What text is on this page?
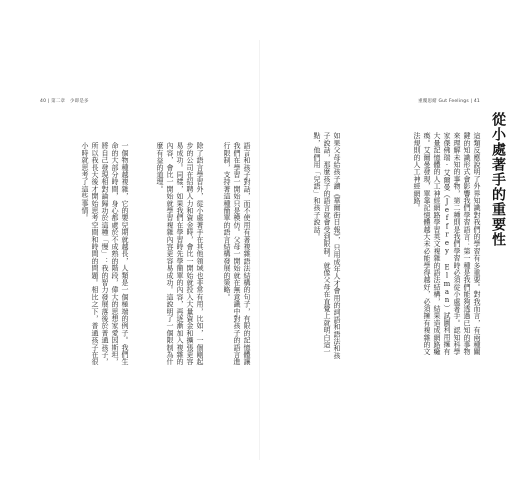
40 | 第二章　少即是多
語言和孩子對話，而不使用有著複雜語法結構的句子，有限的記憶體讓我們在學習一開始只是模仿。父母一開始就在無意識中對孩子的語言進行限制，支持著這種簡單的語言結構發展的策略。
除了語言學習外，從小處著手在其他領域也非常有用，比如，一個剛起步的公司在招聘人力和資金時，會比一開始就投入大量資金和擴張更容易成功。同樣，如果我們在學習時先學簡單的內容，再逐漸加入複雜的內容，會比一開始就學習複雜內容更容易成功。這說明了一個限制為什麼有益的道理。
一個物種越複雜，它的嬰兒期就越長，人類是一個極端的例子。我們生命的大部分時間，身心都處於不成熟的階段，偉大的思想家愛因斯坦，將自己發現相對論歸功於這種「慢」：我的智力發展落後於普通孩子，所以我長大後才開始思考空間和時間的問題。相比之下，普通孩子在很小時就思考了這些事情。
重覆思緒 Gut Feelings | 41
從小處著手的重要性
這類反應說明了外界知識對我們的學習有多重要。對我而言，有兩種關鍵的知識形式會影響我們學習語言：第一種是我們能夠透過已知的事物來理解未知的事物，第二種則是我們學習時必須從小處著手。認知科學家傑佛瑞·艾爾曼（Jeffrey Elman）試圖利用擁有大量記憶體的人工神經網路學習英文複雜的語法結構，結果造成網路癱瘓。艾爾曼發現，單靠記憶體越大未必能學得越好，必須擁有複雜的文法規則的人工神經網路。
如果父母給孩子讀《華爾街日報》，只用成年人才會用的詞語和語法和孩子說話，那麼孩子的語言就會受到限制。就像父母在直覺上就明白這一點，他們用「兒語」和孩子說話。
